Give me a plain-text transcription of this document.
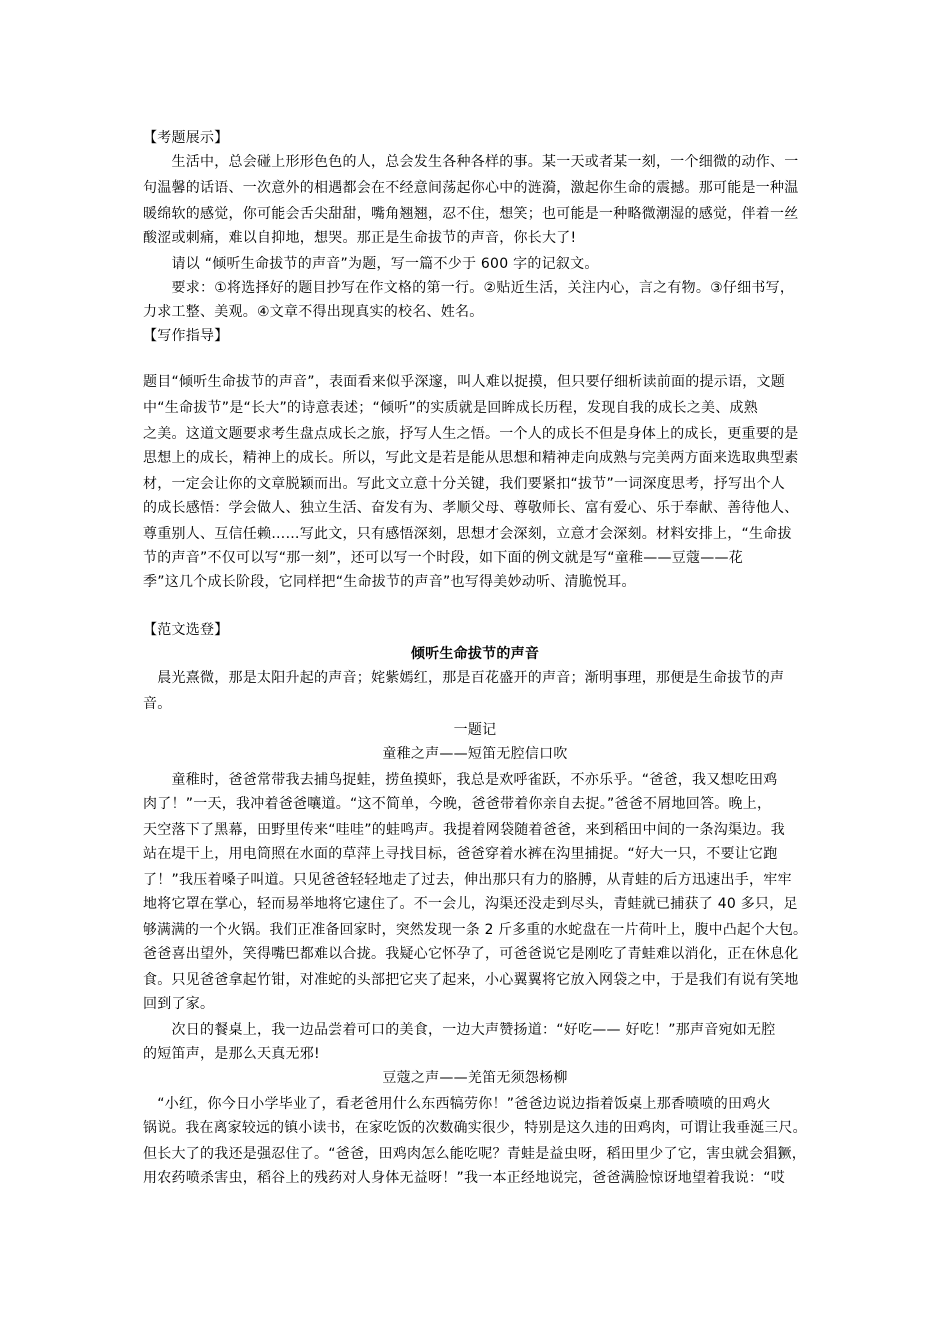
【考题展示】
　　生活中，总会碰上形形色色的人，总会发生各种各样的事。某一天或者某一刻，一个细微的动作、一
句温馨的话语、一次意外的相遇都会在不经意间荡起你心中的涟漪，激起你生命的震撼。那可能是一种温
暖绵软的感觉，你可能会舌尖甜甜，嘴角翘翘，忍不住，想笑；也可能是一种略微潮湿的感觉，伴着一丝
酸涩或刺痛，难以自抑地，想哭。那正是生命拔节的声音，你长大了!
　　请以 “倾听生命拔节的声音”为题，写一篇不少于 600 字的记叙文。
　　要求：①将选择好的题目抄写在作文格的第一行。②贴近生活，关注内心，言之有物。③仔细书写，
力求工整、美观。④文章不得出现真实的校名、姓名。
【写作指导】
题目“倾听生命拔节的声音”，表面看来似乎深邃，叫人难以捉摸，但只要仔细析读前面的提示语，文题
中“生命拔节”是“长大”的诗意表述；“倾听”的实质就是回眸成长历程，发现自我的成长之美、成熟
之美。这道文题要求考生盘点成长之旅，抒写人生之悟。一个人的成长不但是身体上的成长，更重要的是
思想上的成长，精神上的成长。所以，写此文是若是能从思想和精神走向成熟与完美两方面来选取典型素
材，一定会让你的文章脱颖而出。写此文立意十分关键，我们要紧扣“拔节”一词深度思考，抒写出个人
的成长感悟：学会做人、独立生活、奋发有为、孝顺父母、尊敬师长、富有爱心、乐于奉献、善待他人、
尊重别人、互信任赖……写此文，只有感悟深刻，思想才会深刻，立意才会深刻。材料安排上，“生命拔
节的声音”不仅可以写“那一刻”，还可以写一个时段，如下面的例文就是写“童稚——豆蔻——花
季”这几个成长阶段，它同样把“生命拔节的声音”也写得美妙动听、清脆悦耳。
【范文选登】
倾听生命拔节的声音
　晨光熹微，那是太阳升起的声音；姹紫嫣红，那是百花盛开的声音；渐明事理，那便是生命拔节的声
音。
一题记
童稚之声——短笛无腔信口吹
　　童稚时，爸爸常带我去捕鸟捉蛙，捞鱼摸虾，我总是欢呼雀跃，不亦乐乎。“爸爸，我又想吃田鸡
肉了！”一天，我冲着爸爸嚷道。“这不简单，今晚，爸爸带着你亲自去捉。”爸爸不屑地回答。晚上，
天空落下了黑幕，田野里传来“哇哇”的蛙鸣声。我提着网袋随着爸爸，来到稻田中间的一条沟渠边。我
站在堤干上，用电筒照在水面的草萍上寻找目标，爸爸穿着水裤在沟里捕捉。“好大一只，不要让它跑
了！”我压着嗓子叫道。只见爸爸轻轻地走了过去，伸出那只有力的胳膊，从青蛙的后方迅速出手，牢牢
地将它罩在掌心，轻而易举地将它逮住了。不一会儿，沟渠还没走到尽头，青蛙就已捕获了 40 多只，足
够满满的一个火锅。我们正准备回家时，突然发现一条 2 斤多重的水蛇盘在一片荷叶上，腹中凸起个大包。
爸爸喜出望外，笑得嘴巴都难以合拢。我疑心它怀孕了，可爸爸说它是刚吃了青蛙难以消化，正在休息化
食。只见爸爸拿起竹钳，对准蛇的头部把它夹了起来，小心翼翼将它放入网袋之中，于是我们有说有笑地
回到了家。
　　次日的餐桌上，我一边品尝着可口的美食，一边大声赞扬道：“好吃—— 好吃！”那声音宛如无腔
的短笛声，是那么天真无邪!
豆蔻之声——羌笛无须怨杨柳
　“小红，你今日小学毕业了，看老爸用什么东西犒劳你！”爸爸边说边指着饭桌上那香喷喷的田鸡火
锅说。我在离家较远的镇小读书，在家吃饭的次数确实很少，特别是这久违的田鸡肉，可谓让我垂涎三尺。
但长大了的我还是强忍住了。“爸爸，田鸡肉怎么能吃呢？青蛙是益虫呀，稻田里少了它，害虫就会猖獗，
用农药喷杀害虫，稻谷上的残药对人身体无益呀！”我一本正经地说完，爸爸满脸惊讶地望着我说：“哎
